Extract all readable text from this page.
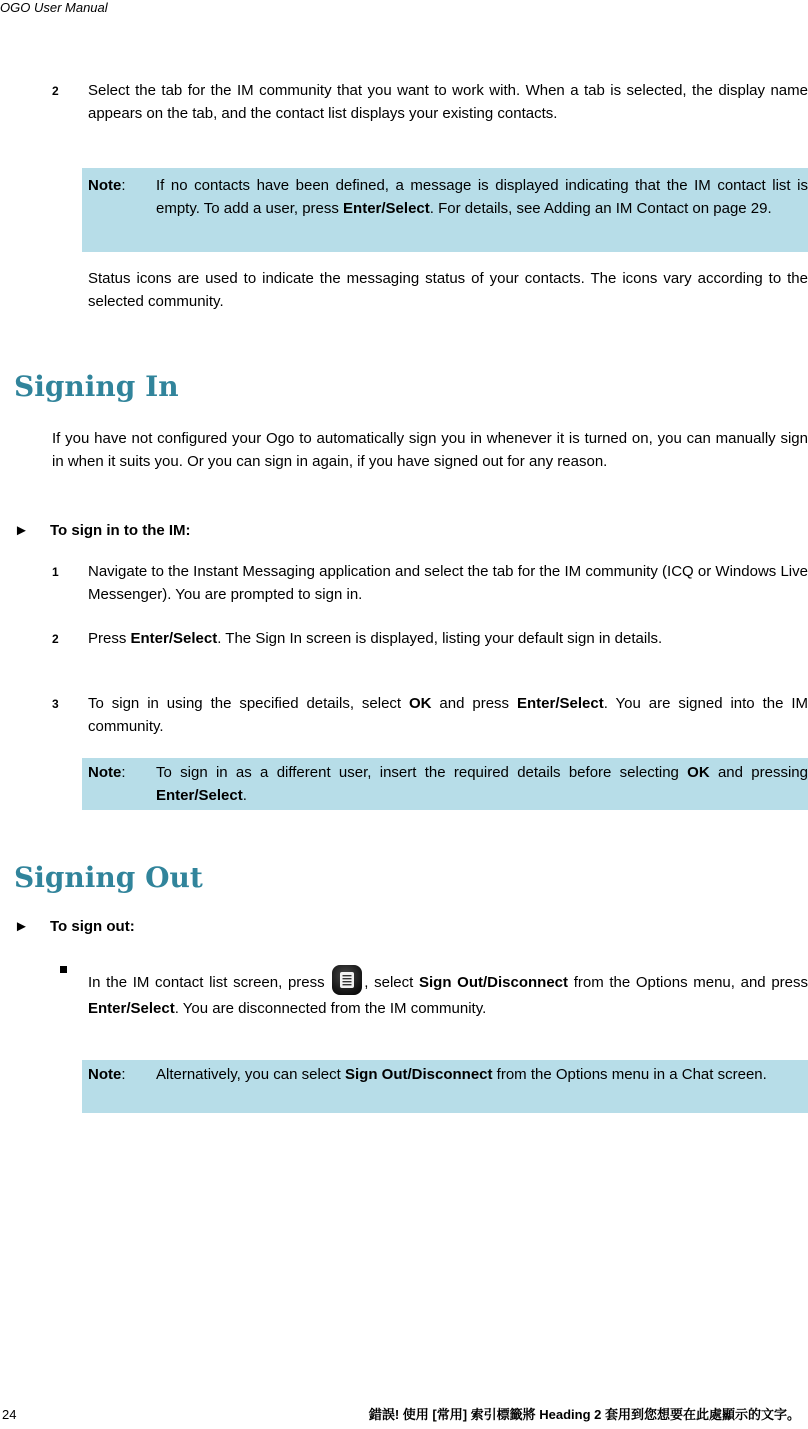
OGO User Manual
2 Select the tab for the IM community that you want to work with. When a tab is selected, the display name appears on the tab, and the contact list displays your existing contacts.
Note: If no contacts have been defined, a message is displayed indicating that the IM contact list is empty. To add a user, press Enter/Select. For details, see Adding an IM Contact on page 29.
Status icons are used to indicate the messaging status of your contacts. The icons vary according to the selected community.
Signing In
If you have not configured your Ogo to automatically sign you in whenever it is turned on, you can manually sign in when it suits you. Or you can sign in again, if you have signed out for any reason.
► To sign in to the IM:
1 Navigate to the Instant Messaging application and select the tab for the IM community (ICQ or Windows Live Messenger). You are prompted to sign in.
2 Press Enter/Select. The Sign In screen is displayed, listing your default sign in details.
3 To sign in using the specified details, select OK and press Enter/Select. You are signed into the IM community.
Note: To sign in as a different user, insert the required details before selecting OK and pressing Enter/Select.
Signing Out
► To sign out:
In the IM contact list screen, press
, select Sign Out/Disconnect from the Options menu, and press Enter/Select. You are disconnected from the IM community.
Note: Alternatively, you can select Sign Out/Disconnect from the Options menu in a Chat screen.
24	錯誤! 使用 [常用] 索引標籤將 Heading 2 套用到您想要在此處顯示的文字。
